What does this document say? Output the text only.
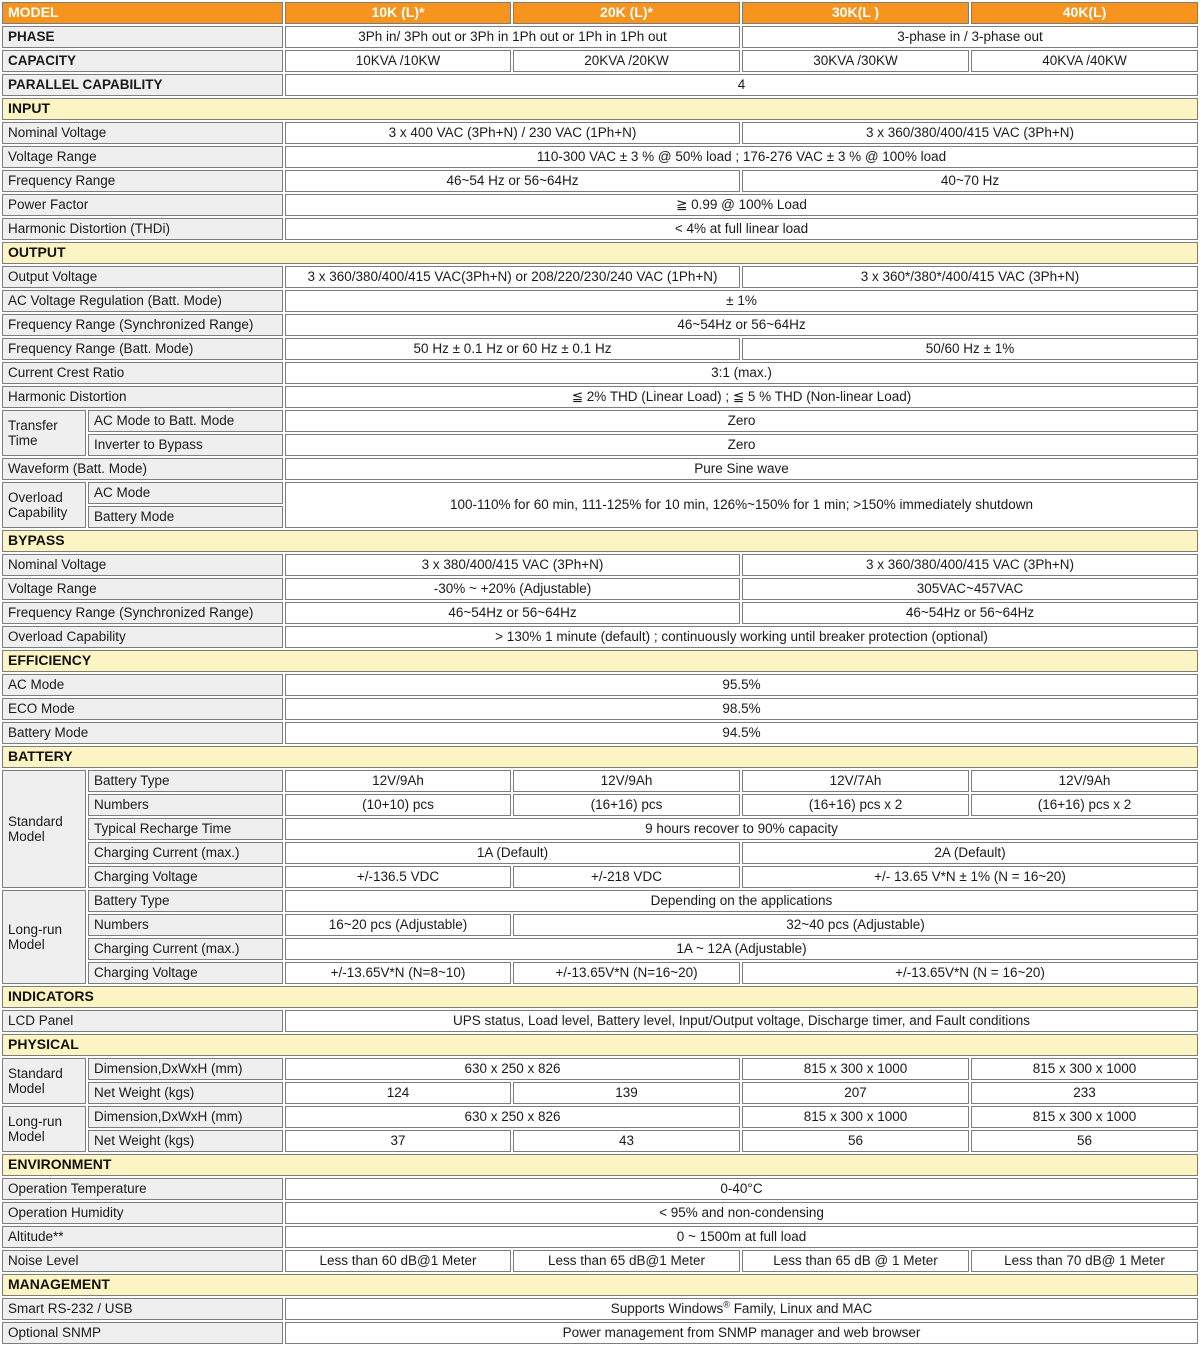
MODEL		10K (L)*	20K (L)*	30K(L )	40K(L)
PHASE		3Ph in/ 3Ph out or 3Ph in 1Ph out or 1Ph in 1Ph out		3-phase in / 3-phase out	
CAPACITY		10KVA /10KW	20KVA /20KW	30KVA /30KW	40KVA /40KW
PARALLEL CAPABILITY		4			
INPUT					
Nominal Voltage		3 x 400 VAC (3Ph+N) / 230 VAC (1Ph+N)		3 x 360/380/400/415 VAC (3Ph+N)	
Voltage Range		110-300 VAC ± 3 % @ 50% load ; 176-276 VAC ± 3 % @ 100% load			
Frequency Range		46~54 Hz or 56~64Hz		40~70 Hz	
Power Factor		≧ 0.99 @ 100% Load			
Harmonic Distortion (THDi)		< 4% at full linear load			
OUTPUT					
Output Voltage		3 x 360/380/400/415 VAC(3Ph+N) or 208/220/230/240 VAC (1Ph+N)		3 x 360*/380*/400/415 VAC (3Ph+N)	
AC Voltage Regulation (Batt. Mode)		± 1%			
Frequency Range (Synchronized Range)		46~54Hz or 56~64Hz			
Frequency Range (Batt. Mode)		50 Hz ± 0.1 Hz or 60 Hz ± 0.1 Hz		50/60 Hz ± 1%	
Current Crest Ratio		3:1 (max.)			
Harmonic Distortion		≦ 2% THD (Linear Load) ; ≦ 5 % THD (Non-linear Load)			
Transfer Time	AC Mode to Batt. Mode	Zero			
	Inverter to Bypass	Zero			
Waveform (Batt. Mode)		Pure Sine wave			
Overload Capability	AC Mode	100-110% for 60 min, 111-125% for 10 min, 126%~150% for 1 min; >150% immediately shutdown			
	Battery Mode				
BYPASS					
Nominal Voltage		3 x 380/400/415 VAC (3Ph+N)		3 x 360/380/400/415 VAC (3Ph+N)	
Voltage Range		-30% ~ +20% (Adjustable)		305VAC~457VAC	
Frequency Range (Synchronized Range)		46~54Hz or 56~64Hz		46~54Hz or 56~64Hz	
Overload Capability		> 130% 1 minute (default) ; continuously working until breaker protection (optional)			
EFFICIENCY					
AC Mode		95.5%			
ECO Mode		98.5%			
Battery Mode		94.5%			
BATTERY					
Standard Model	Battery Type	12V/9Ah	12V/9Ah	12V/7Ah	12V/9Ah
	Numbers	(10+10) pcs	(16+16) pcs	(16+16) pcs x 2	(16+16) pcs x 2
	Typical Recharge Time	9 hours recover to 90% capacity			
	Charging Current (max.)	1A (Default)		2A (Default)	
	Charging Voltage	+/-136.5 VDC	+/-218 VDC	+/- 13.65 V*N ± 1% (N = 16~20)	
Long-run Model	Battery Type	Depending on the applications			
	Numbers	16~20 pcs (Adjustable)	32~40 pcs (Adjustable)		
	Charging Current (max.)	1A ~ 12A (Adjustable)			
	Charging Voltage	+/-13.65V*N (N=8~10)	+/-13.65V*N (N=16~20)	+/-13.65V*N (N = 16~20)	
INDICATORS					
LCD Panel		UPS status, Load level, Battery level, Input/Output voltage, Discharge timer, and Fault conditions			
PHYSICAL					
Standard Model	Dimension,DxWxH (mm)	630 x 250 x 826		815 x 300 x 1000	815 x 300 x 1000
	Net Weight (kgs)	124	139	207	233
Long-run Model	Dimension,DxWxH (mm)	630 x 250 x 826		815 x 300 x 1000	815 x 300 x 1000
	Net Weight (kgs)	37	43	56	56
ENVIRONMENT					
Operation Temperature		0-40°C			
Operation Humidity		< 95% and non-condensing			
Altitude**		0 ~ 1500m at full load			
Noise Level		Less than 60 dB@1 Meter	Less than 65 dB@1 Meter	Less than 65 dB @ 1 Meter	Less than 70 dB@ 1 Meter
MANAGEMENT					
Smart RS-232 / USB		Supports Windows® Family, Linux and MAC			
Optional SNMP		Power management from SNMP manager and web browser			
